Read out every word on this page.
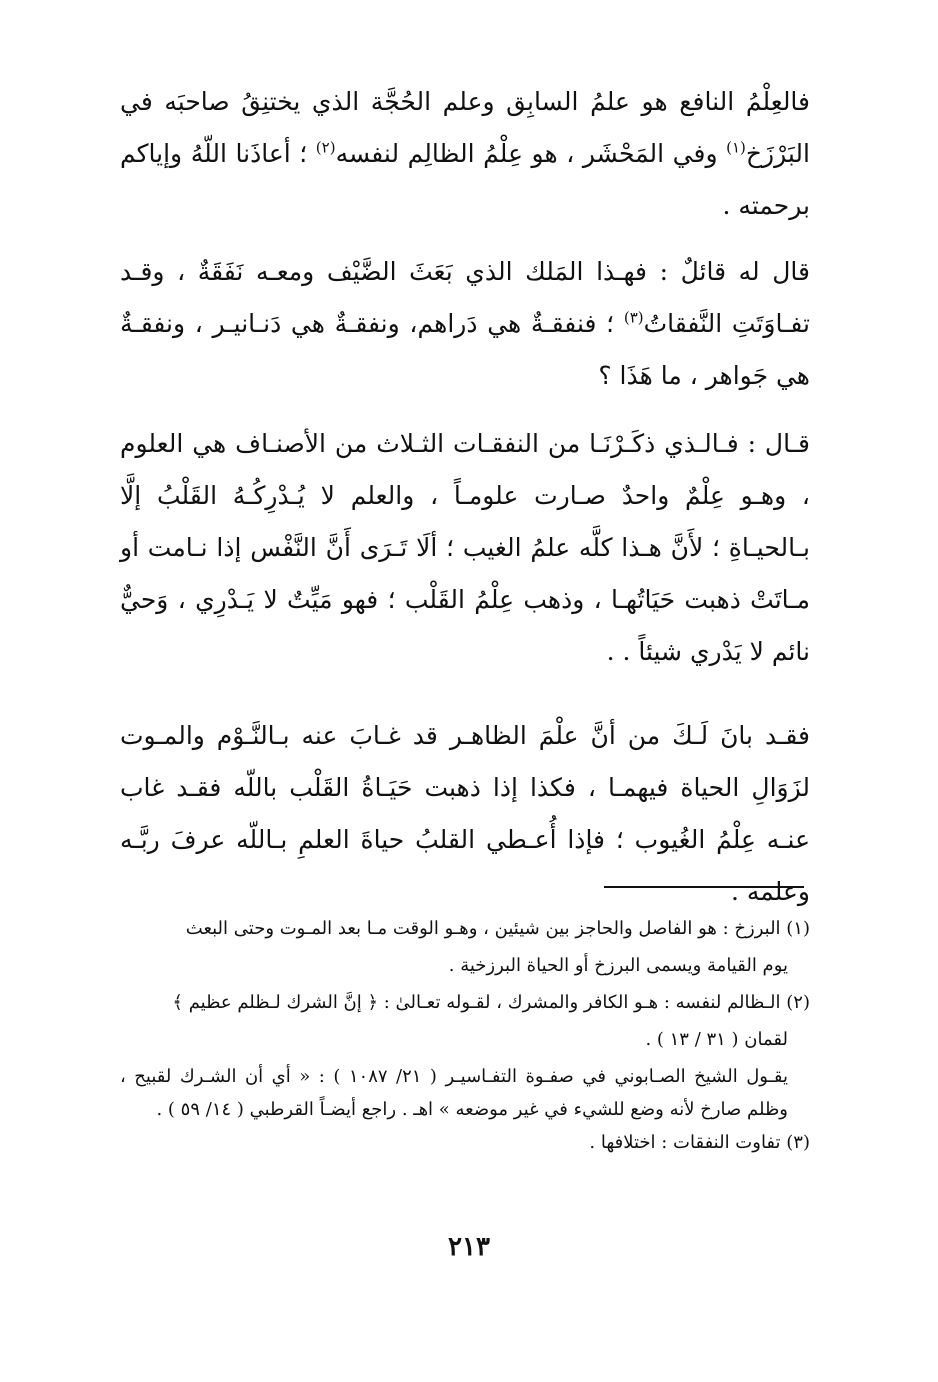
فالعِلْمُ النافع هو علمُ السابِق وعلم الحُجَّة الذي يختنِقُ صاحبَه في البَرْزَخ$^{(١)}$ وفي المَحْشَر ، هو عِلْمُ الظالِم لنفسه$^{(٢)}$ ؛ أعاذَنا اللّهُ وإياكم برحمته .

قال له قائلٌ : فهـذا المَلك الذي بَعَثَ الضَّيْف ومعـه نَفَقَةٌ ، وقـد تفـاوَتَتِ النَّفقاتُ$^{(٣)}$ ؛ فنفقـةٌ هي دَراهم، ونفقـةٌ هي دَنـانيـر ، ونفقـةٌ هي جَواهر ، ما هَذَا ؟

قـال : فـالـذي ذكَـرْنَـا من النفقـات الثـلاث من الأصنـاف هي العلوم ، وهـو عِلْمٌ واحدٌ صـارت علومـاً ، والعلم لا يُـدْرِكُـهُ القَلْبُ إلَّا بـالحيـاةِ ؛ لأَنَّ هـذا كلَّه علمُ الغيب ؛ ألَا تَـرَى أَنَّ النَّفْس إذا نـامت أو مـاتَتْ ذهبت حَيَاتُهـا ، وذهب عِلْمُ القَلْب ؛ فهو مَيِّتٌ لا يَـدْرِي ، وَحيٌّ نائم لا يَدْري شيئاً . .

فقـد بانَ لَـكَ من أنَّ علْمَ الظاهـر قد غـابَ عنه بـالنَّـوْم والمـوت لزَوَالِ الحياة فيهمـا ، فكذا إذا ذهبت حَيَـاةُ القَلْب باللّه فقـد غاب عنـه عِلْمُ الغُيوب ؛ فإذا أُعـطي القلبُ حياةَ العلمِ بـاللّه عرفَ ربَّـه وعلمه .

(١) البرزخ : هو الفاصل والحاجز بين شيئين ، وهـو الوقت مـا بعد المـوت وحتى البعث

يوم القيامة ويسمى البرزخ أو الحياة البرزخية .

(٢) الـظالم لنفسه : هـو الكافر والمشرك ، لقـوله تعـالىٰ : ﴿ إنَّ الشرك لـظلم عظيم ﴾

لقمان ( ٣١ / ١٣ ) .

يقـول الشيخ الصـابوني في صفـوة التفـاسيـر ( ٢١/ ١٠٨٧ ) : « أي أن الشـرك لقبيح ، وظلم صارخ لأنه وضع للشيء في غير موضعه » اهـ . راجع أيضـاً القرطبي ( ١٤/ ٥٩ ) .

(٣) تفاوت النفقات : اختلافها .

٢١٣
